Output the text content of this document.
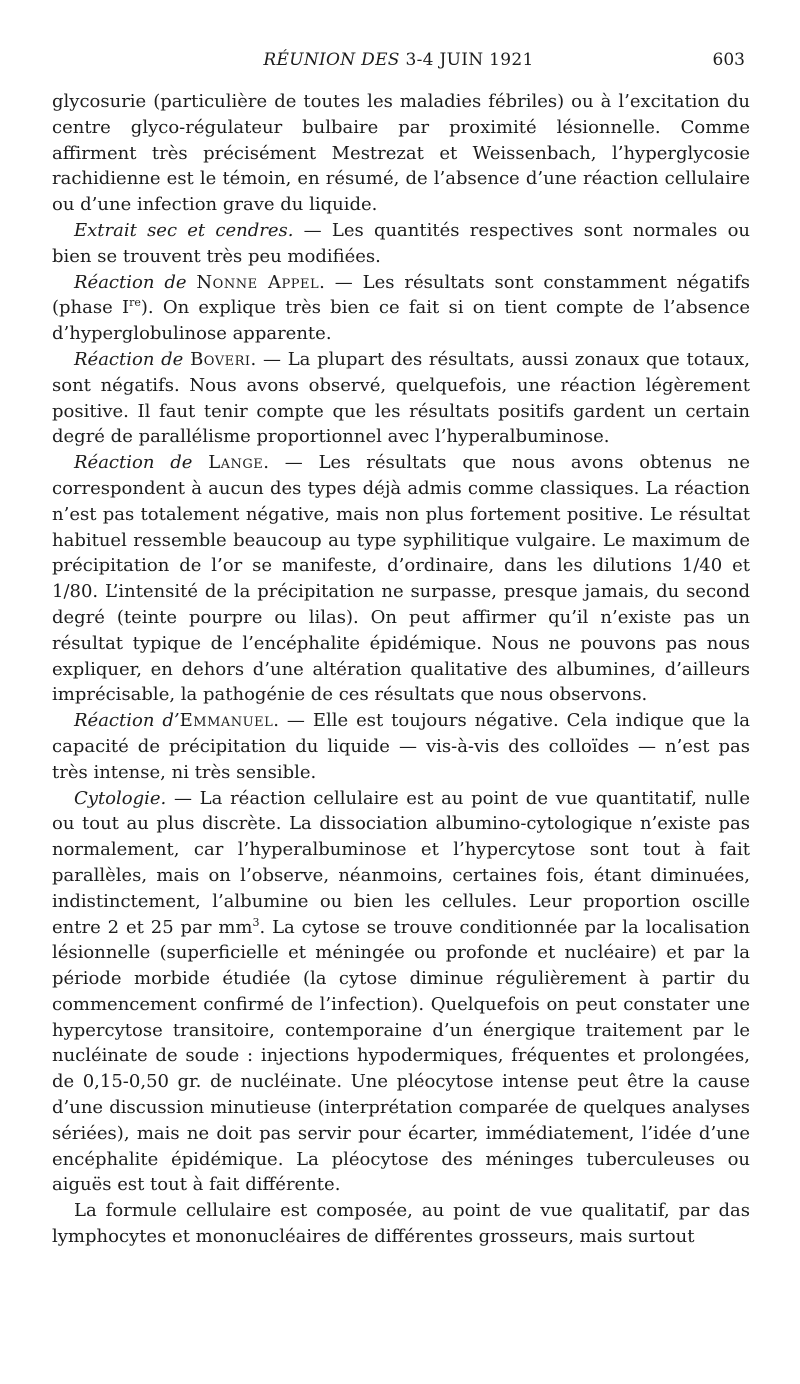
RÉUNION DES 3-4 JUIN 1921	603

glycosurie (particulière de toutes les maladies fébriles) ou à l’excitation du centre glyco-régulateur bulbaire par proximité lésionnelle. Comme affirment très précisément Mestrezat et Weissenbach, l’hyperglycosie rachidienne est le témoin, en résumé, de l’absence d’une réaction cellulaire ou d’une infection grave du liquide.

Extrait sec et cendres. — Les quantités respectives sont normales ou bien se trouvent très peu modifiées.

Réaction de Nonne Appel. — Les résultats sont constamment négatifs (phase Ire). On explique très bien ce fait si on tient compte de l’absence d’hyperglobulinose apparente.

Réaction de Boveri. — La plupart des résultats, aussi zonaux que totaux, sont négatifs. Nous avons observé, quelquefois, une réaction légèrement positive. Il faut tenir compte que les résultats positifs gardent un certain degré de parallélisme proportionnel avec l’hyperalbuminose.

Réaction de Lange. — Les résultats que nous avons obtenus ne correspondent à aucun des types déjà admis comme classiques. La réaction n’est pas totalement négative, mais non plus fortement positive. Le résultat habituel ressemble beaucoup au type syphilitique vulgaire. Le maximum de précipitation de l’or se manifeste, d’ordinaire, dans les dilutions 1/40 et 1/80. L’intensité de la précipitation ne surpasse, presque jamais, du second degré (teinte pourpre ou lilas). On peut affirmer qu’il n’existe pas un résultat typique de l’encéphalite épidémique. Nous ne pouvons pas nous expliquer, en dehors d’une altération qualitative des albumines, d’ailleurs imprécisable, la pathogénie de ces résultats que nous observons.

Réaction d’Emmanuel. — Elle est toujours négative. Cela indique que la capacité de précipitation du liquide — vis-à-vis des colloïdes — n’est pas très intense, ni très sensible.

Cytologie. — La réaction cellulaire est au point de vue quantitatif, nulle ou tout au plus discrète. La dissociation albumino-cytologique n’existe pas normalement, car l’hyperalbuminose et l’hypercytose sont tout à fait parallèles, mais on l’observe, néanmoins, certaines fois, étant diminuées, indistinctement, l’albumine ou bien les cellules. Leur proportion oscille entre 2 et 25 par $mm^3$. La cytose se trouve conditionnée par la localisation lésionnelle (superficielle et méningée ou profonde et nucléaire) et par la période morbide étudiée (la cytose diminue régulièrement à partir du commencement confirmé de l’infection). Quelquefois on peut constater une hypercytose transitoire, contemporaine d’un énergique traitement par le nucléinate de soude : injections hypodermiques, fréquentes et prolongées, de 0,15-0,50 gr. de nucléinate. Une pléocytose intense peut être la cause d’une discussion minutieuse (interprétation comparée de quelques analyses sériées), mais ne doit pas servir pour écarter, immédiatement, l’idée d’une encéphalite épidémique. La pléocytose des méninges tuberculeuses ou aiguës est tout à fait différente.

La formule cellulaire est composée, au point de vue qualitatif, par das lymphocytes et mononucléaires de différentes grosseurs, mais surtout
